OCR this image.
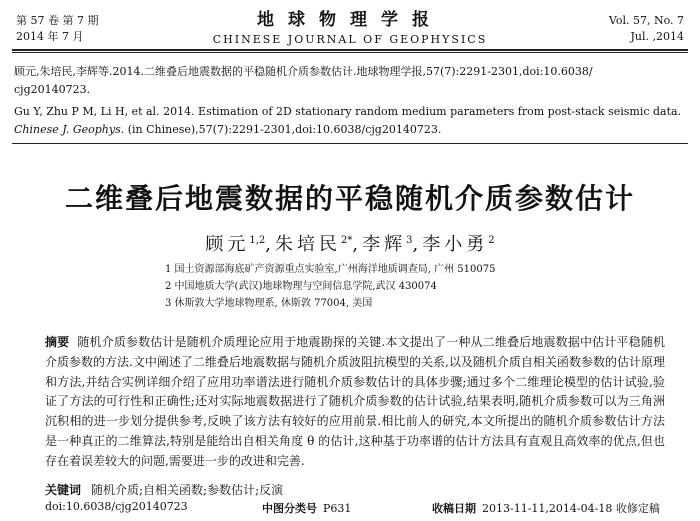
第 57 卷 第 7 期
2014 年 7 月
地球物理学报
CHINESE JOURNAL OF GEOPHYSICS
Vol. 57, No. 7
Jul. ,2014
顾元,朱培民,李辉等.2014.二维叠后地震数据的平稳随机介质参数估计.地球物理学报,57(7):2291-2301,doi:10.6038/
cjg20140723.
Gu Y, Zhu P M, Li H, et al. 2014. Estimation of 2D stationary random medium parameters from post-stack seismic data.
Chinese J. Geophys. (in Chinese),57(7):2291-2301,doi:10.6038/cjg20140723.
二维叠后地震数据的平稳随机介质参数估计
顾元$^{1,2}$,朱培民$^{2*}$,李辉$^3$,李小勇$^2$
1 国土资源部海底矿产资源重点实验室,广州海洋地质调查局, 广州 510075
2 中国地质大学(武汉)地球物理与空间信息学院,武汉 430074
3 休斯敦大学地球物理系, 休斯敦 77004, 美国
摘要 随机介质参数估计是随机介质理论应用于地震勘探的关键.本文提出了一种从二维叠后地震数据中估计平稳随机介质参数的方法.文中阐述了二维叠后地震数据与随机介质波阻抗模型的关系,以及随机介质自相关函数参数的估计原理和方法,并结合实例详细介绍了应用功率谱法进行随机介质参数估计的具体步骤;通过多个二维理论模型的估计试验,验证了方法的可行性和正确性;还对实际地震数据进行了随机介质参数的估计试验,结果表明,随机介质参数可以为三角洲沉积相的进一步划分提供参考,反映了该方法有较好的应用前景.相比前人的研究,本文所提出的随机介质参数估计方法是一种真正的二维算法,特别是能给出自相关角度 θ 的估计,这种基于功率谱的估计方法具有直观且高效率的优点,但也存在着误差较大的问题,需要进一步的改进和完善.
关键词 随机介质;自相关函数;参数估计;反演
doi:10.6038/cjg20140723	中图分类号 P631	收稿日期 2013-11-11,2014-04-18 收修定稿
